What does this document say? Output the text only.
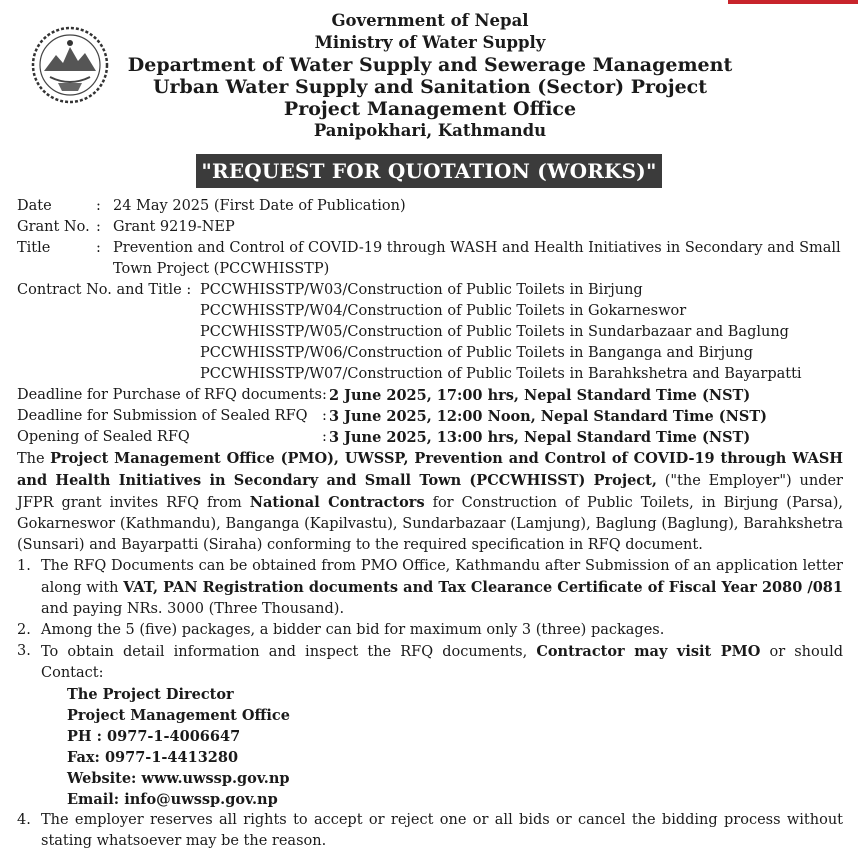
Government of Nepal
Ministry of Water Supply
Department of Water Supply and Sewerage Management
Urban Water Supply and Sanitation (Sector) Project
Project Management Office
Panipokhari, Kathmandu
"REQUEST FOR QUOTATION (WORKS)"
Date	: 24 May 2025 (First Date of Publication)
Grant No. : Grant 9219-NEP
Title	: Prevention and Control of COVID-19 through WASH and Health Initiatives in Secondary and Small Town Project (PCCWHISSTP)
Contract No. and Title : PCCWHISSTP/W03/Construction of Public Toilets in Birjung
PCCWHISSTP/W04/Construction of Public Toilets in Gokarneswor
PCCWHISSTP/W05/Construction of Public Toilets in Sundarbazaar and Baglung
PCCWHISSTP/W06/Construction of Public Toilets in Banganga and Birjung
PCCWHISSTP/W07/Construction of Public Toilets in Barahkshetra and Bayarpatti
Deadline for Purchase of RFQ documents : 2 June 2025, 17:00 hrs, Nepal Standard Time (NST)
Deadline for Submission of Sealed RFQ : 3 June 2025, 12:00 Noon, Nepal Standard Time (NST)
Opening of Sealed RFQ	: 3 June 2025, 13:00 hrs, Nepal Standard Time (NST)
The Project Management Office (PMO), UWSSP, Prevention and Control of COVID-19 through WASH and Health Initiatives in Secondary and Small Town (PCCWHISST) Project, ("the Employer") under JFPR grant invites RFQ from National Contractors for Construction of Public Toilets, in Birjung (Parsa), Gokarneswor (Kathmandu), Banganga (Kapilvastu), Sundarbazaar (Lamjung), Baglung (Baglung), Barahkshetra (Sunsari) and Bayarpatti (Siraha) conforming to the required specification in RFQ document.
1. The RFQ Documents can be obtained from PMO Office, Kathmandu after Submission of an application letter along with VAT, PAN Registration documents and Tax Clearance Certificate of Fiscal Year 2080 /081 and paying NRs. 3000 (Three Thousand).
2. Among the 5 (five) packages, a bidder can bid for maximum only 3 (three) packages.
3. To obtain detail information and inspect the RFQ documents, Contractor may visit PMO or should Contact:
The Project Director
Project Management Office
PH : 0977-1-4006647
Fax: 0977-1-4413280
Website: www.uwssp.gov.np
Email: info@uwssp.gov.np
4. The employer reserves all rights to accept or reject one or all bids or cancel the bidding process without stating whatsoever may be the reason.
